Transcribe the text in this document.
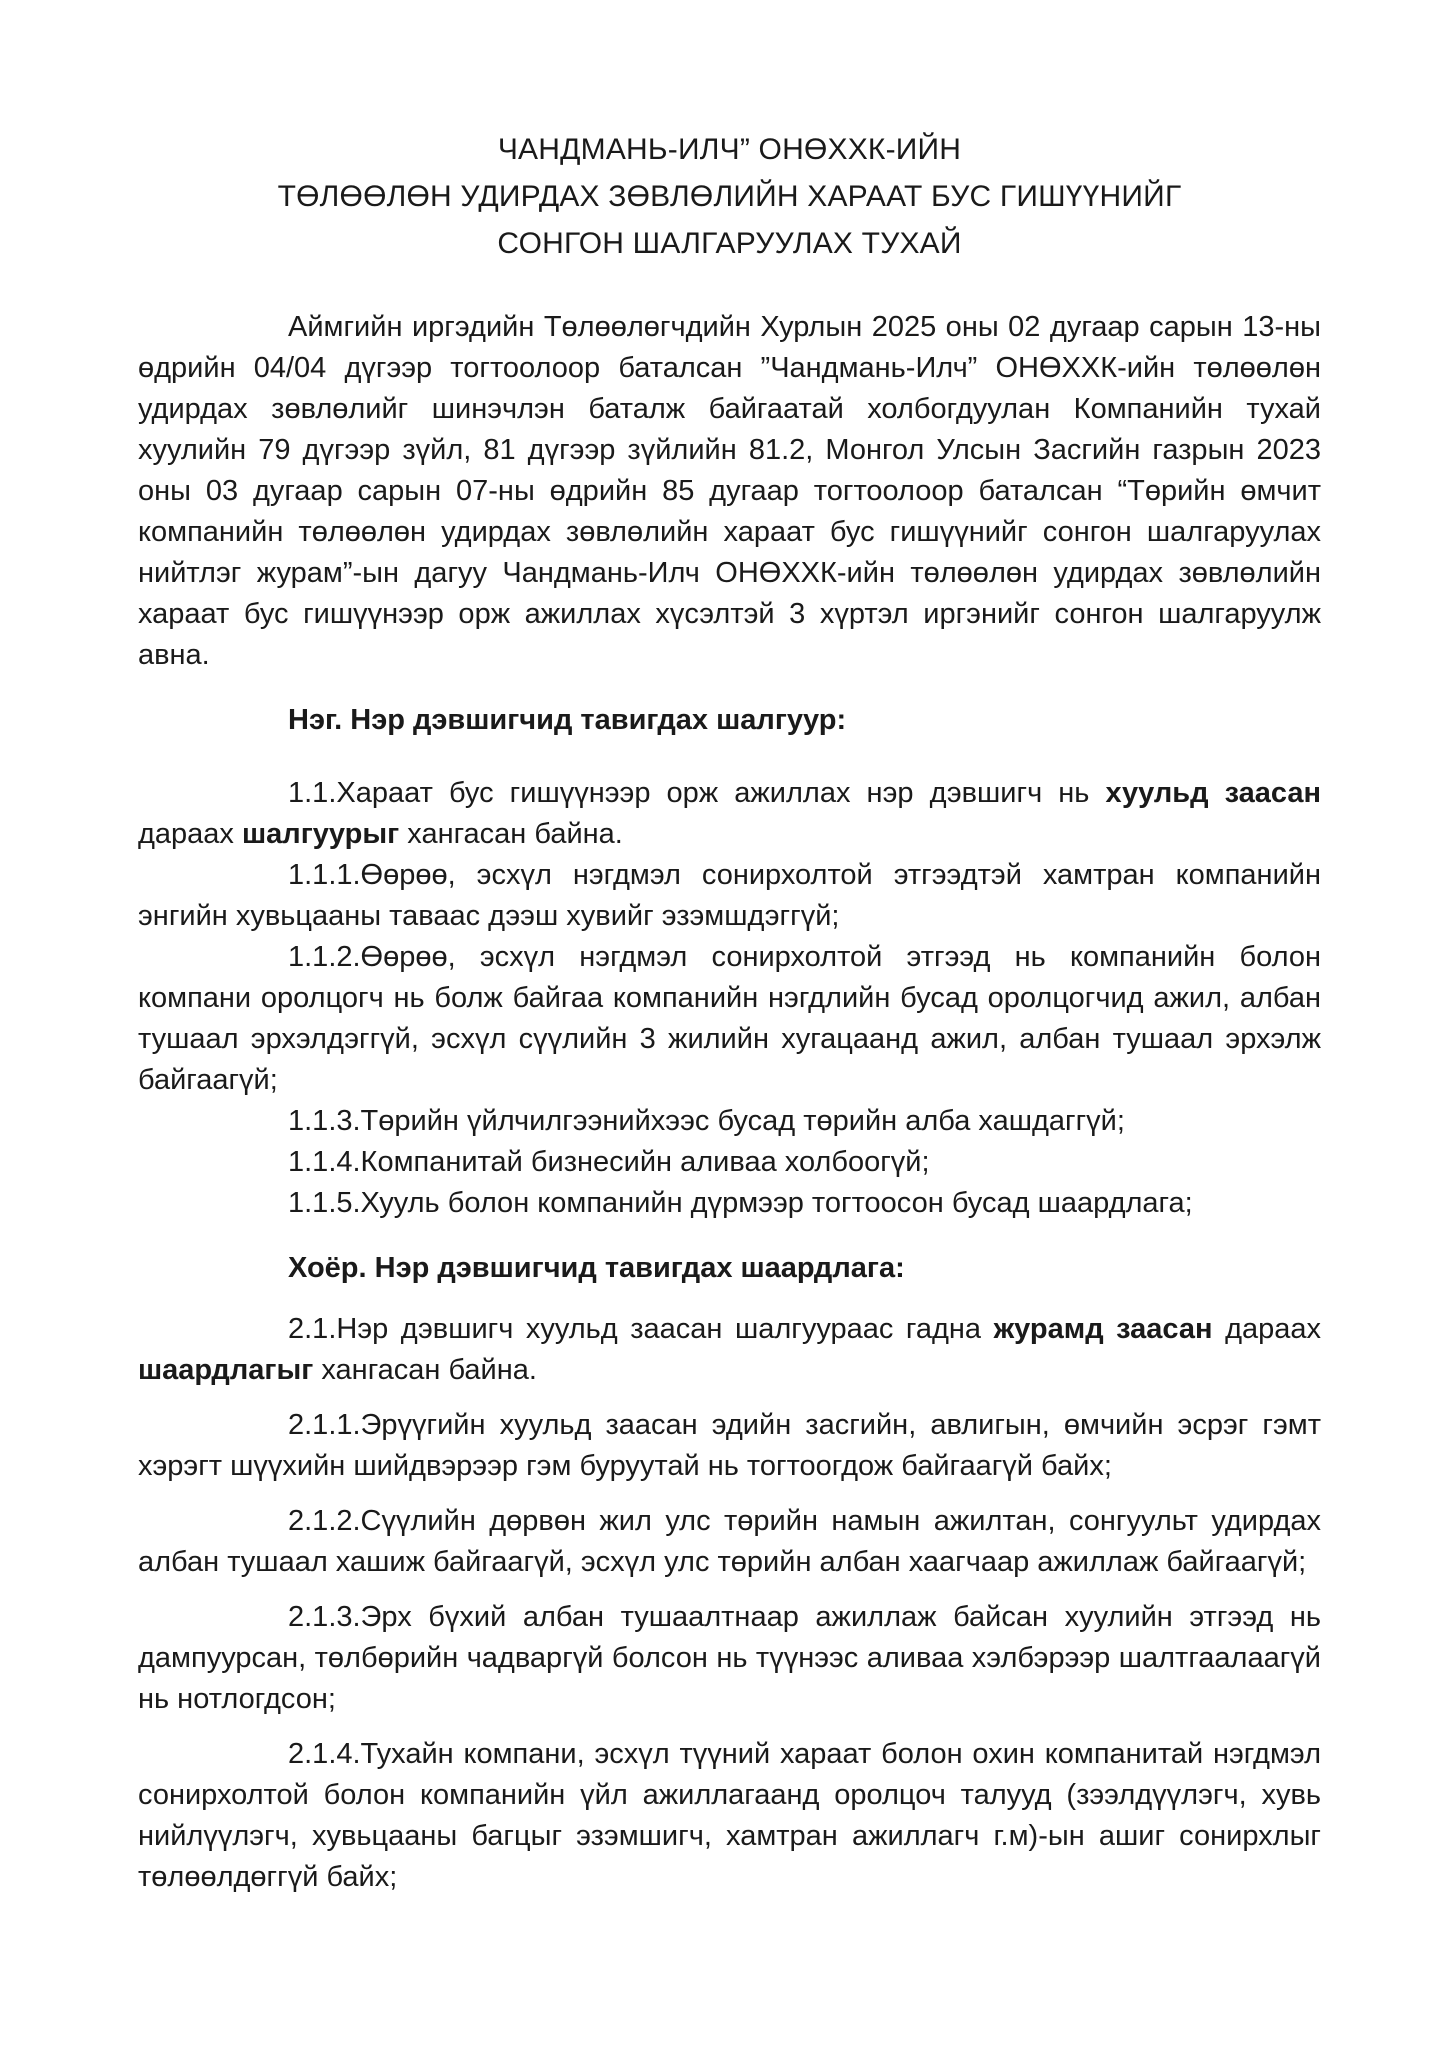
ЧАНДМАНЬ-ИЛЧ” ОНӨХХК-ИЙН

ТӨЛӨӨЛӨН УДИРДАХ ЗӨВЛӨЛИЙН ХАРААТ БУС ГИШҮҮНИЙГ

СОНГОН ШАЛГАРУУЛАХ ТУХАЙ

Аймгийн иргэдийн Төлөөлөгчдийн Хурлын 2025 оны 02 дугаар сарын 13-ны өдрийн 04/04 дүгээр тогтоолоор баталсан ”Чандмань-Илч” ОНӨХХК-ийн төлөөлөн удирдах зөвлөлийг шинэчлэн баталж байгаатай холбогдуулан Компанийн тухай хуулийн 79 дүгээр зүйл, 81 дүгээр зүйлийн 81.2, Монгол Улсын Засгийн газрын 2023 оны 03 дугаар сарын 07-ны өдрийн 85 дугаар тогтоолоор баталсан “Төрийн өмчит компанийн төлөөлөн удирдах зөвлөлийн хараат бус гишүүнийг сонгон шалгаруулах нийтлэг журам”-ын дагуу Чандмань-Илч ОНӨХХК-ийн төлөөлөн удирдах зөвлөлийн хараат бус гишүүнээр орж ажиллах хүсэлтэй 3 хүртэл иргэнийг сонгон шалгаруулж авна.

Нэг. Нэр дэвшигчид тавигдах шалгуур:

1.1.Хараат бус гишүүнээр орж ажиллах нэр дэвшигч нь хуульд заасан дараах шалгуурыг хангасан байна.

1.1.1.Өөрөө, эсхүл нэгдмэл сонирхолтой этгээдтэй хамтран компанийн энгийн хувьцааны таваас дээш хувийг эзэмшдэггүй;

1.1.2.Өөрөө, эсхүл нэгдмэл сонирхолтой этгээд нь компанийн болон компани оролцогч нь болж байгаа компанийн нэгдлийн бусад оролцогчид ажил, албан тушаал эрхэлдэггүй, эсхүл сүүлийн 3 жилийн хугацаанд ажил, албан тушаал эрхэлж байгаагүй;

1.1.3.Төрийн үйлчилгээнийхээс бусад төрийн алба хашдаггүй;

1.1.4.Компанитай бизнесийн аливаа холбоогүй;

1.1.5.Хууль болон компанийн дүрмээр тогтоосон бусад шаардлага;

Хоёр. Нэр дэвшигчид тавигдах шаардлага:

2.1.Нэр дэвшигч хуульд заасан шалгуураас гадна журамд заасан дараах шаардлагыг хангасан байна.

2.1.1.Эрүүгийн хуульд заасан эдийн засгийн, авлигын, өмчийн эсрэг гэмт хэрэгт шүүхийн шийдвэрээр гэм буруутай нь тогтоогдож байгаагүй байх;

2.1.2.Сүүлийн дөрвөн жил улс төрийн намын ажилтан, сонгуульт удирдах албан тушаал хашиж байгаагүй, эсхүл улс төрийн албан хаагчаар ажиллаж байгаагүй;

2.1.3.Эрх бүхий албан тушаалтнаар ажиллаж байсан хуулийн этгээд нь дампуурсан, төлбөрийн чадваргүй болсон нь түүнээс аливаа хэлбэрээр шалтгаалаагүй нь нотлогдсон;

2.1.4.Тухайн компани, эсхүл түүний хараат болон охин компанитай нэгдмэл сонирхолтой болон компанийн үйл ажиллагаанд оролцоч талууд (зээлдүүлэгч, хувь нийлүүлэгч, хувьцааны багцыг эзэмшигч, хамтран ажиллагч г.м)-ын ашиг сонирхлыг төлөөлдөггүй байх;
